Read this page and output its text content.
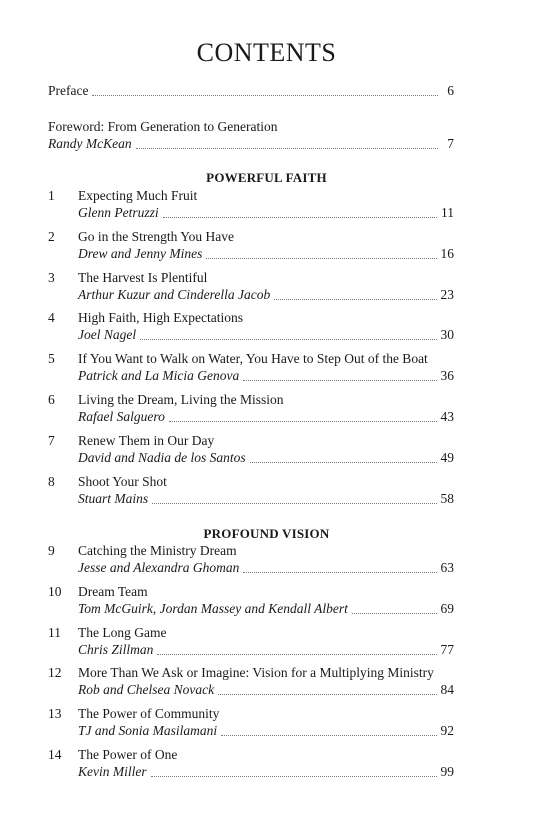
CONTENTS
Preface	6
Foreword: From Generation to Generation
Randy McKean	7
POWERFUL FAITH
1 Expecting Much Fruit
Glenn Petruzzi	11
2 Go in the Strength You Have
Drew and Jenny Mines	16
3 The Harvest Is Plentiful
Arthur Kuzur and Cinderella Jacob	23
4 High Faith, High Expectations
Joel Nagel	30
5 If You Want to Walk on Water, You Have to Step Out of the Boat
Patrick and La Micia Genova	36
6 Living the Dream, Living the Mission
Rafael Salguero	43
7 Renew Them in Our Day
David and Nadia de los Santos	49
8 Shoot Your Shot
Stuart Mains	58
PROFOUND VISION
9 Catching the Ministry Dream
Jesse and Alexandra Ghoman	63
10 Dream Team
Tom McGuirk, Jordan Massey and Kendall Albert	69
11 The Long Game
Chris Zillman	77
12 More Than We Ask or Imagine: Vision for a Multiplying Ministry
Rob and Chelsea Novack	84
13 The Power of Community
TJ and Sonia Masilamani	92
14 The Power of One
Kevin Miller	99
